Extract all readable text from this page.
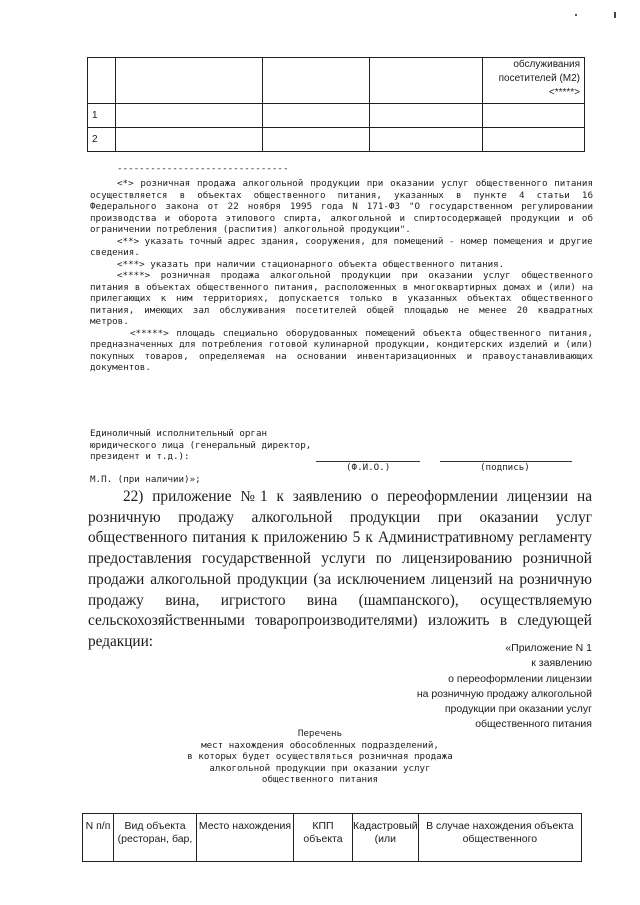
				обслуживания посетителей (М2) <*****>
1				
2				
-------------------------------

<*> розничная продажа алкогольной продукции при оказании услуг общественного питания осуществляется в объектах общественного питания, указанных в пункте 4 статьи 16 Федерального закона от 22 ноября 1995 года N 171-ФЗ "О государственном регулировании производства и оборота этилового спирта, алкогольной и спиртосодержащей продукции и об ограничении потребления (распития) алкогольной продукции".

<**> указать точный адрес здания, сооружения, для помещений - номер помещения и другие сведения.

<***> указать при наличии стационарного объекта общественного питания.

<****> розничная продажа алкогольной продукции при оказании услуг общественного питания в объектах общественного питания, расположенных в многоквартирных домах и (или) на прилегающих к ним территориях, допускается только в указанных объектах общественного питания, имеющих зал обслуживания посетителей общей площадью не менее 20 квадратных метров.

<*****> площадь специально оборудованных помещений объекта общественного питания, предназначенных для потребления готовой кулинарной продукции, кондитерских изделий и (или) покупных товаров, определяемая на основании инвентаризационных и правоустанавливающих документов.

Единоличный исполнительный орган
юридического лица (генеральный директор,
президент и т.д.):
(Ф.И.О.)	(подпись)
М.П. (при наличии)»;
22) приложение №1 к заявлению о переоформлении лицензии на розничную продажу алкогольной продукции при оказании услуг общественного питания к приложению 5 к Административному регламенту предоставления государственной услуги по лицензированию розничной продажи алкогольной продукции (за исключением лицензий на розничную продажу вина, игристого вина (шампанского), осуществляемую сельскохозяйственными товаропроизводителями) изложить в следующей редакции:	«Приложение N 1
к заявлению
о переоформлении лицензии
на розничную продажу алкогольной
продукции при оказании услуг
общественного питания
Перечень
мест нахождения обособленных подразделений,
в которых будет осуществляться розничная продажа
алкогольной продукции при оказании услуг
общественного питания
N п/п	Вид объекта (ресторан, бар,	Место нахождения	КПП объекта	Кадастровый (или	В случае нахождения объекта общественного
